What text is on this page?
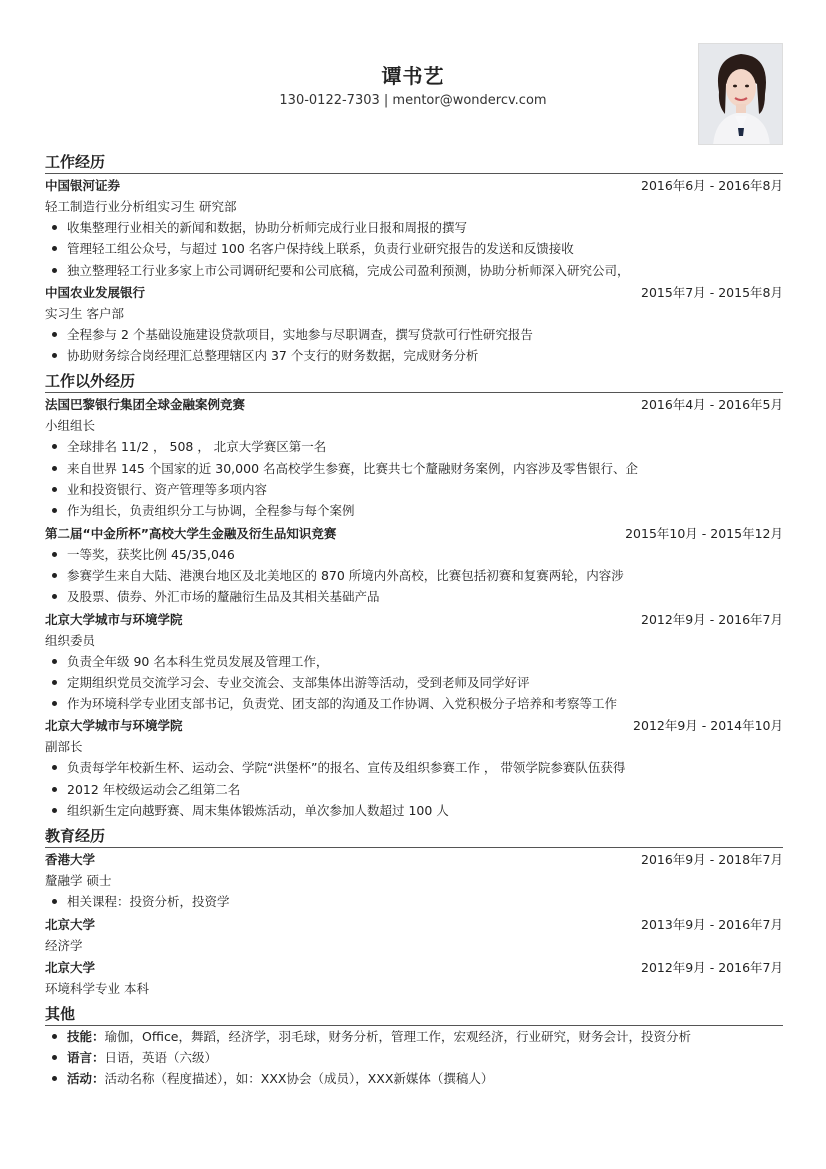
谭书艺
130-0122-7303 | mentor@wondercv.com
工作经历
中国银河证券	2016年6月 - 2016年8月
轻工制造行业分析组实习生 研究部
收集整理行业相关的新闻和数据，协助分析师完成行业日报和周报的撰写
管理轻工组公众号，与超过 100 名客户保持线上联系，负责行业研究报告的发送和反馈接收
独立整理轻工行业多家上市公司调研纪要和公司底稿，完成公司盈利预测，协助分析师深入研究公司，
中国农业发展银行	2015年7月 - 2015年8月
实习生 客户部
全程参与 2 个基础设施建设贷款项目，实地参与尽职调查，撰写贷款可行性研究报告
协助财务综合岗经理汇总整理辖区内 37 个支行的财务数据，完成财务分析
工作以外经历
法国巴黎银行集团全球金融案例竞赛	2016年4月 - 2016年5月
小组组长
全球排名 11/2 ， 508 ， 北京大学赛区第一名
来自世界 145 个国家的近 30,000 名高校学生参赛，比赛共七个釐融财务案例，内容涉及零售银行、企
业和投资银行、资产管理等多项内容
作为组长，负责组织分工与协调，全程参与每个案例
第二届“中金所杯”高校大学生金融及衍生品知识竞赛	2015年10月 - 2015年12月
一等奖，获奖比例 45/35,046
参赛学生来自大陆、港澳台地区及北美地区的 870 所境内外高校，比赛包括初赛和复赛两轮，内容涉
及股票、债券、外汇市场的釐融衍生品及其相关基础产品
北京大学城市与环境学院	2012年9月 - 2016年7月
组织委员
负责全年级 90 名本科生党员发展及管理工作，
定期组织党员交流学习会、专业交流会、支部集体出游等活动，受到老师及同学好评
作为环境科学专业团支部书记，负责党、团支部的沟通及工作协调、入党积极分子培养和考察等工作
北京大学城市与环境学院	2012年9月 - 2014年10月
副部长
负责每学年校新生杯、运动会、学院“洪堡杯”的报名、宣传及组织参赛工作 ， 带领学院参赛队伍获得
2012 年校级运动会乙组第二名
组织新生定向越野赛、周末集体锻炼活动，单次参加人数超过 100 人
教育经历
香港大学	2016年9月 - 2018年7月
釐融学 硕士
相关课程：投资分析，投资学
北京大学	2013年9月 - 2016年7月
经济学
北京大学	2012年9月 - 2016年7月
环境科学专业 本科
其他
技能：瑜伽，Office，舞蹈，经济学，羽毛球，财务分析，管理工作，宏观经济，行业研究，财务会计，投资分析
语言：日语，英语（六级）
活动：活动名称（程度描述），如：XXX协会（成员），XXX新媒体（撰稿人）
